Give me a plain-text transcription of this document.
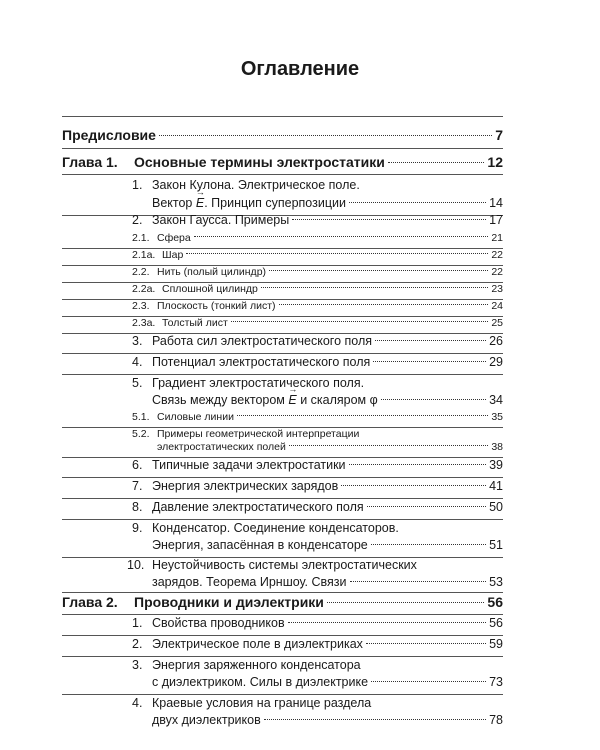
Оглавление
Предисловие	7
Глава 1. Основные термины электростатики	12
1. Закон Кулона. Электрическое поле.
Вектор → E. Принцип суперпозиции	14
2. Закон Гаусса. Примеры	17
2.1. Сфера	21
2.1а. Шар	22
2.2. Нить (полый цилиндр)	22
2.2а. Сплошной цилиндр	23
2.3. Плоскость (тонкий лист)	24
2.3а. Толстый лист	25
3. Работа сил электростатического поля	26
4. Потенциал электростатического поля	29
5. Градиент электростатического поля.
Связь между вектором → E и скаляром φ	34
5.1. Силовые линии	35
5.2. Примеры геометрической интерпретации
электростатических полей	38
6. Типичные задачи электростатики	39
7. Энергия электрических зарядов	41
8. Давление электростатического поля	50
9. Конденсатор. Соединение конденсаторов.
Энергия, запасённая в конденсаторе	51
10. Неустойчивость системы электростатических
зарядов. Теорема Ирншоу. Связи	53
Глава 2. Проводники и диэлектрики	56
1. Свойства проводников	56
2. Электрическое поле в диэлектриках	59
3. Энергия заряженного конденсатора
с диэлектриком. Силы в диэлектрике	73
4. Краевые условия на границе раздела
двух диэлектриков	78
